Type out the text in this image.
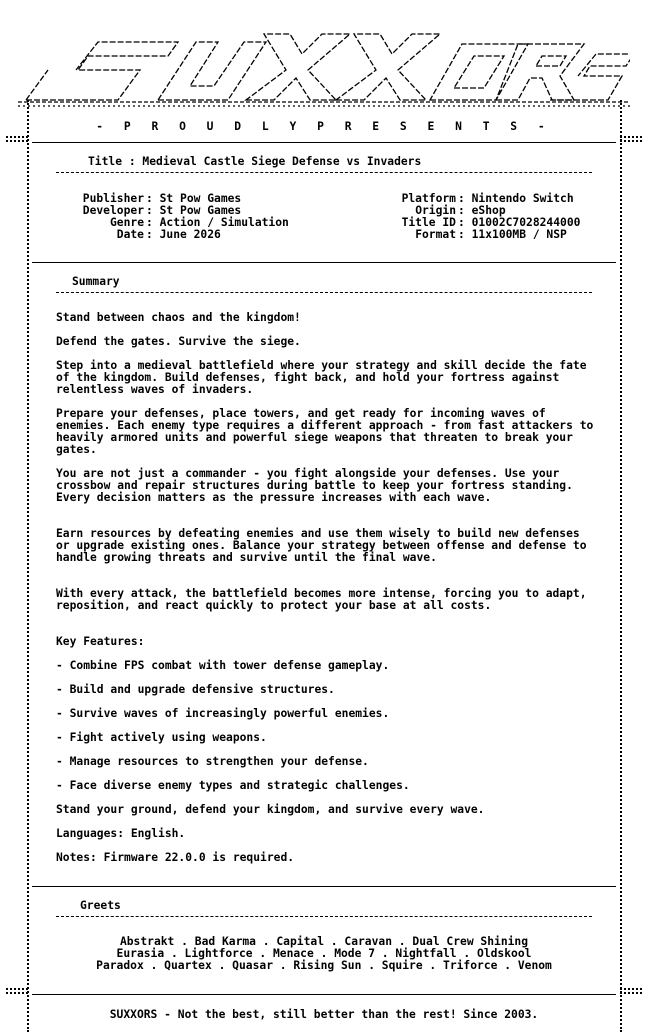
- P R O U D L Y P R E S E N T S -
Title : Medieval Castle Siege Defense vs Invaders
Publisher : St Pow Games
Developer : St Pow Games
Genre : Action / Simulation
Date : June 2026
Platform : Nintendo Switch
Origin : eShop
Title ID : 01002C7028244000
Format : 11x100MB / NSP
Summary
Stand between chaos and the kingdom!
Defend the gates. Survive the siege.
Step into a medieval battlefield where your strategy and skill decide the fate of the kingdom. Build defenses, fight back, and hold your fortress against relentless waves of invaders.
Prepare your defenses, place towers, and get ready for incoming waves of enemies. Each enemy type requires a different approach - from fast attackers to heavily armored units and powerful siege weapons that threaten to break your gates.
You are not just a commander - you fight alongside your defenses. Use your crossbow and repair structures during battle to keep your fortress standing. Every decision matters as the pressure increases with each wave.
Earn resources by defeating enemies and use them wisely to build new defenses or upgrade existing ones. Balance your strategy between offense and defense to handle growing threats and survive until the final wave.
With every attack, the battlefield becomes more intense, forcing you to adapt, reposition, and react quickly to protect your base at all costs.
Key Features:
- Combine FPS combat with tower defense gameplay.
- Build and upgrade defensive structures.
- Survive waves of increasingly powerful enemies.
- Fight actively using weapons.
- Manage resources to strengthen your defense.
- Face diverse enemy types and strategic challenges.
Stand your ground, defend your kingdom, and survive every wave.
Languages: English.
Notes: Firmware 22.0.0 is required.
Greets
Abstrakt . Bad Karma . Capital . Caravan . Dual Crew Shining
Eurasia . Lightforce . Menace . Mode 7 . Nightfall . Oldskool
Paradox . Quartex . Quasar . Rising Sun . Squire . Triforce . Venom
SUXXORS - Not the best, still better than the rest! Since 2003.
